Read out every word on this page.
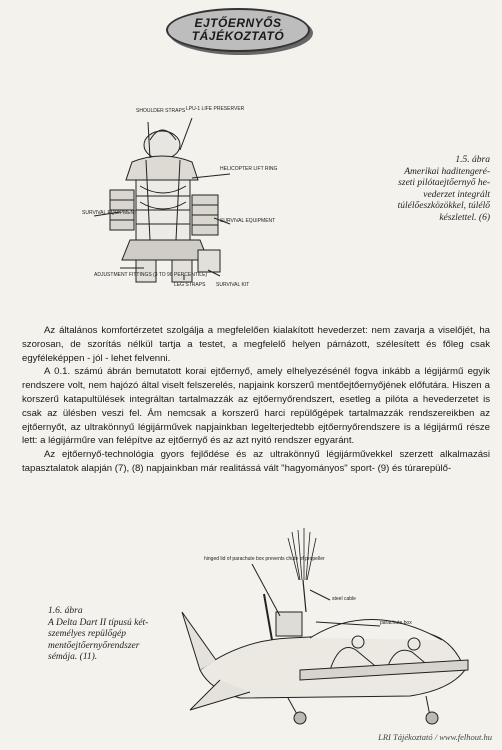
EJTŐERNYŐS
TÁJÉKOZTATÓ
SHOULDER STRAPS LPU-1 LIFE PRESERVER
HELICOPTER LIFT RING
SURVIVAL EQUIPMENT
SURVIVAL EQUIPMENT
ADJUSTMENT FITTINGS (3 TO 98 PERCENTILE)
LEG STRAPS SURVIVAL KIT
1.5. ábra
Amerikai haditengeré-
szeti pilótaejtőernyő he-
vederzet integrált
túlélőeszközökkel, túlélő
készlettel. (6)

Az általános komfortérzetet szolgálja a megfelelően kialakított hevederzet: nem zavarja a viselőjét, ha szorosan, de szorítás nélkül tartja a testet, a megfelelő helyen párnázott, szélesített és főleg csak egyféleképpen - jól - lehet felvenni.

A 0.1. számú ábrán bemutatott korai ejtőernyő, amely elhelyezésénél fogva inkább a légijármű egyik rendszere volt, nem hajózó által viselt felszerelés, napjaink korszerű mentőejtőernyőjének előfutára. Hiszen a korszerű katapultülések integráltan tartalmazzák az ejtőernyőrendszert, esetleg a pilóta a hevederzetet is csak az ülésben veszi fel. Ám nemcsak a korszerű harci repülőgépek tartalmazzák rendszereikben az ejtőernyőt, az ultrakönnyű légijárművek napjainkban legelterjedtebb ejtőernyőrendszere is a légijármű része lett: a légijárműre van felépítve az ejtőernyő és az azt nyitó rendszer egyaránt.

Az ejtőernyő-technológia gyors fejlődése és az ultrakönnyű légijárművekkel szerzett alkalmazási tapasztalatok alapján (7), (8) napjainkban már realitássá vált "hagyományos" sport- (9) és túrarepülő-

hinged lid of parachute box prevents chute of propeller
steel cable
parachute box
1.6. ábra
A Delta Dart II típusú két-
személyes repülőgép
mentőejtőernyőrendszer
sémája. (11).
LRI Tájékoztató / www.felhout.hu
